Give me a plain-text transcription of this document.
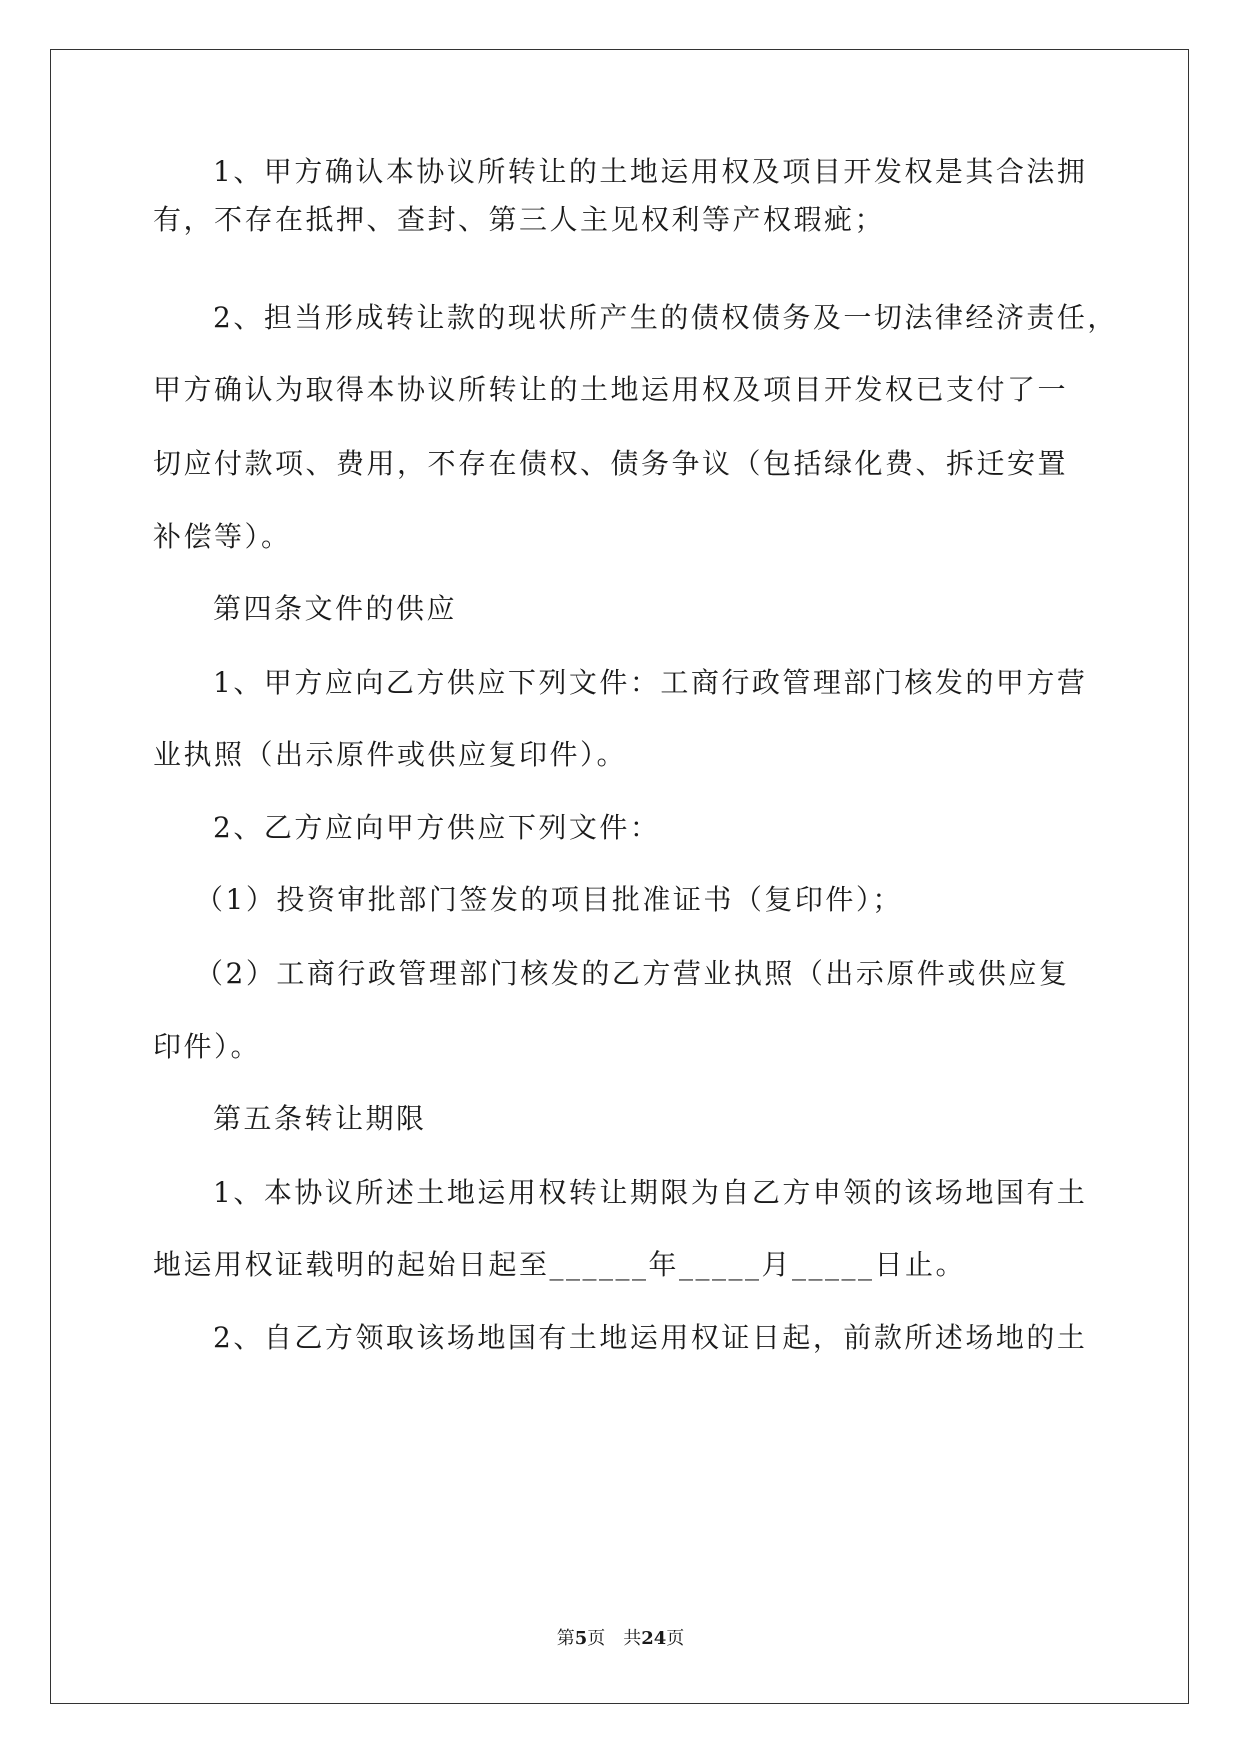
1、甲方确认本协议所转让的土地运用权及项目开发权是其合法拥
有，不存在抵押、查封、第三人主见权利等产权瑕疵；
2、担当形成转让款的现状所产生的债权债务及一切法律经济责任，
甲方确认为取得本协议所转让的土地运用权及项目开发权已支付了一
切应付款项、费用，不存在债权、债务争议（包括绿化费、拆迁安置
补偿等）。
第四条文件的供应
1、甲方应向乙方供应下列文件：工商行政管理部门核发的甲方营
业执照（出示原件或供应复印件）。
2、乙方应向甲方供应下列文件：
（1）投资审批部门签发的项目批准证书（复印件）；
（2）工商行政管理部门核发的乙方营业执照（出示原件或供应复
印件）。
第五条转让期限
1、本协议所述土地运用权转让期限为自乙方申领的该场地国有土
地运用权证载明的起始日起至______年_____月_____日止。
2、自乙方领取该场地国有土地运用权证日起，前款所述场地的土
第5页 共24页
